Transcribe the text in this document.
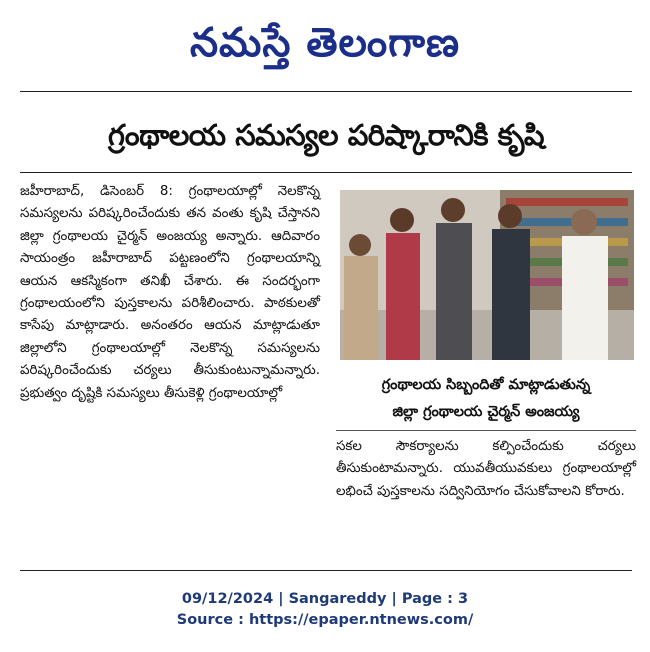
నమస్తే తెలంగాణ
గ్రంథాలయ సమస్యల పరిష్కారానికి కృషి

జహీరాబాద్, డిసెంబర్ 8: గ్రంథాలయాల్లో నెలకొన్న సమస్యలను పరిష్కరించేందుకు తన వంతు కృషి చేస్తానని జిల్లా గ్రంథాలయ చైర్మన్ అంజయ్య అన్నారు. ఆదివారం సాయంత్రం జహీరాబాద్ పట్టణంలోని గ్రంథాలయాన్ని ఆయన ఆకస్మికంగా తనిఖీ చేశారు. ఈ సందర్భంగా గ్రంథాలయంలోని పుస్తకాలను పరిశీలించారు. పాఠకులతో కాసేపు మాట్లాడారు. అనంతరం ఆయన మాట్లాడుతూ జిల్లాలోని గ్రంథాలయాల్లో నెలకొన్న సమస్యలను పరిష్కరించేందుకు చర్యలు తీసుకుంటున్నామన్నారు. ప్రభుత్వం దృష్టికి సమస్యలు తీసుకెళ్లి గ్రంథాలయాల్లో

గ్రంథాలయ సిబ్బందితో మాట్లాడుతున్న
జిల్లా గ్రంథాలయ చైర్మన్ అంజయ్య

సకల సౌకర్యాలను కల్పించేందుకు చర్యలు తీసుకుంటామన్నారు. యువతీయువకులు గ్రంథాలయాల్లో లభించే పుస్తకాలను సద్వినియోగం చేసుకోవాలని కోరారు.

09/12/2024 | Sangareddy | Page : 3
Source : https://epaper.ntnews.com/
